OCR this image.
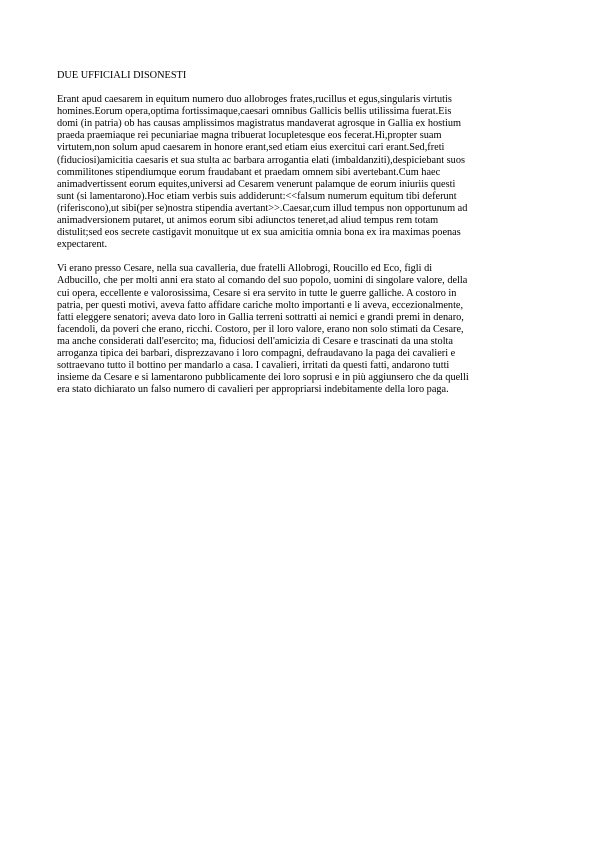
DUE UFFICIALI DISONESTI
Erant apud caesarem in equitum numero duo allobroges frates,rucillus et egus,singularis virtutis
homines.Eorum opera,optima fortissimaque,caesari omnibus Gallicis bellis utilissima fuerat.Eis
domi (in patria) ob has causas amplissimos magistratus mandaverat agrosque in Gallia ex hostium
praeda praemiaque rei pecuniariae magna tribuerat locupletesque eos fecerat.Hi,propter suam
virtutem,non solum apud caesarem in honore erant,sed etiam eius exercitui cari erant.Sed,freti
(fiduciosi)amicitia caesaris et sua stulta ac barbara arrogantia elati (imbaldanziti),despiciebant suos
commilitones stipendiumque eorum fraudabant et praedam omnem sibi avertebant.Cum haec
animadvertissent eorum equites,universi ad Cesarem venerunt palamque de eorum iniuriis questi
sunt (si lamentarono).Hoc etiam verbis suis addiderunt:<<falsum numerum equitum tibi deferunt
(riferiscono),ut sibi(per se)nostra stipendia avertant>>.Caesar,cum illud tempus non opportunum ad
animadversionem putaret, ut animos eorum sibi adiunctos teneret,ad aliud tempus rem totam
distulit;sed eos secrete castigavit monuitque ut ex sua amicitia omnia bona ex ira maximas poenas
expectarent.
Vi erano presso Cesare, nella sua cavalleria, due fratelli Allobrogi, Roucillo ed Eco, figli di
Adbucillo, che per molti anni era stato al comando del suo popolo, uomini di singolare valore, della
cui opera, eccellente e valorosissima, Cesare si era servito in tutte le guerre galliche. A costoro in
patria, per questi motivi, aveva fatto affidare cariche molto importanti e li aveva, eccezionalmente,
fatti eleggere senatori; aveva dato loro in Gallia terreni sottratti ai nemici e grandi premi in denaro,
facendoli, da poveri che erano, ricchi. Costoro, per il loro valore, erano non solo stimati da Cesare,
ma anche considerati dall'esercito; ma, fiduciosi dell'amicizia di Cesare e trascinati da una stolta
arroganza tipica dei barbari, disprezzavano i loro compagni, defraudavano la paga dei cavalieri e
sottraevano tutto il bottino per mandarlo a casa. I cavalieri, irritati da questi fatti, andarono tutti
insieme da Cesare e si lamentarono pubblicamente dei loro soprusi e in più aggiunsero che da quelli
era stato dichiarato un falso numero di cavalieri per appropriarsi indebitamente della loro paga.
